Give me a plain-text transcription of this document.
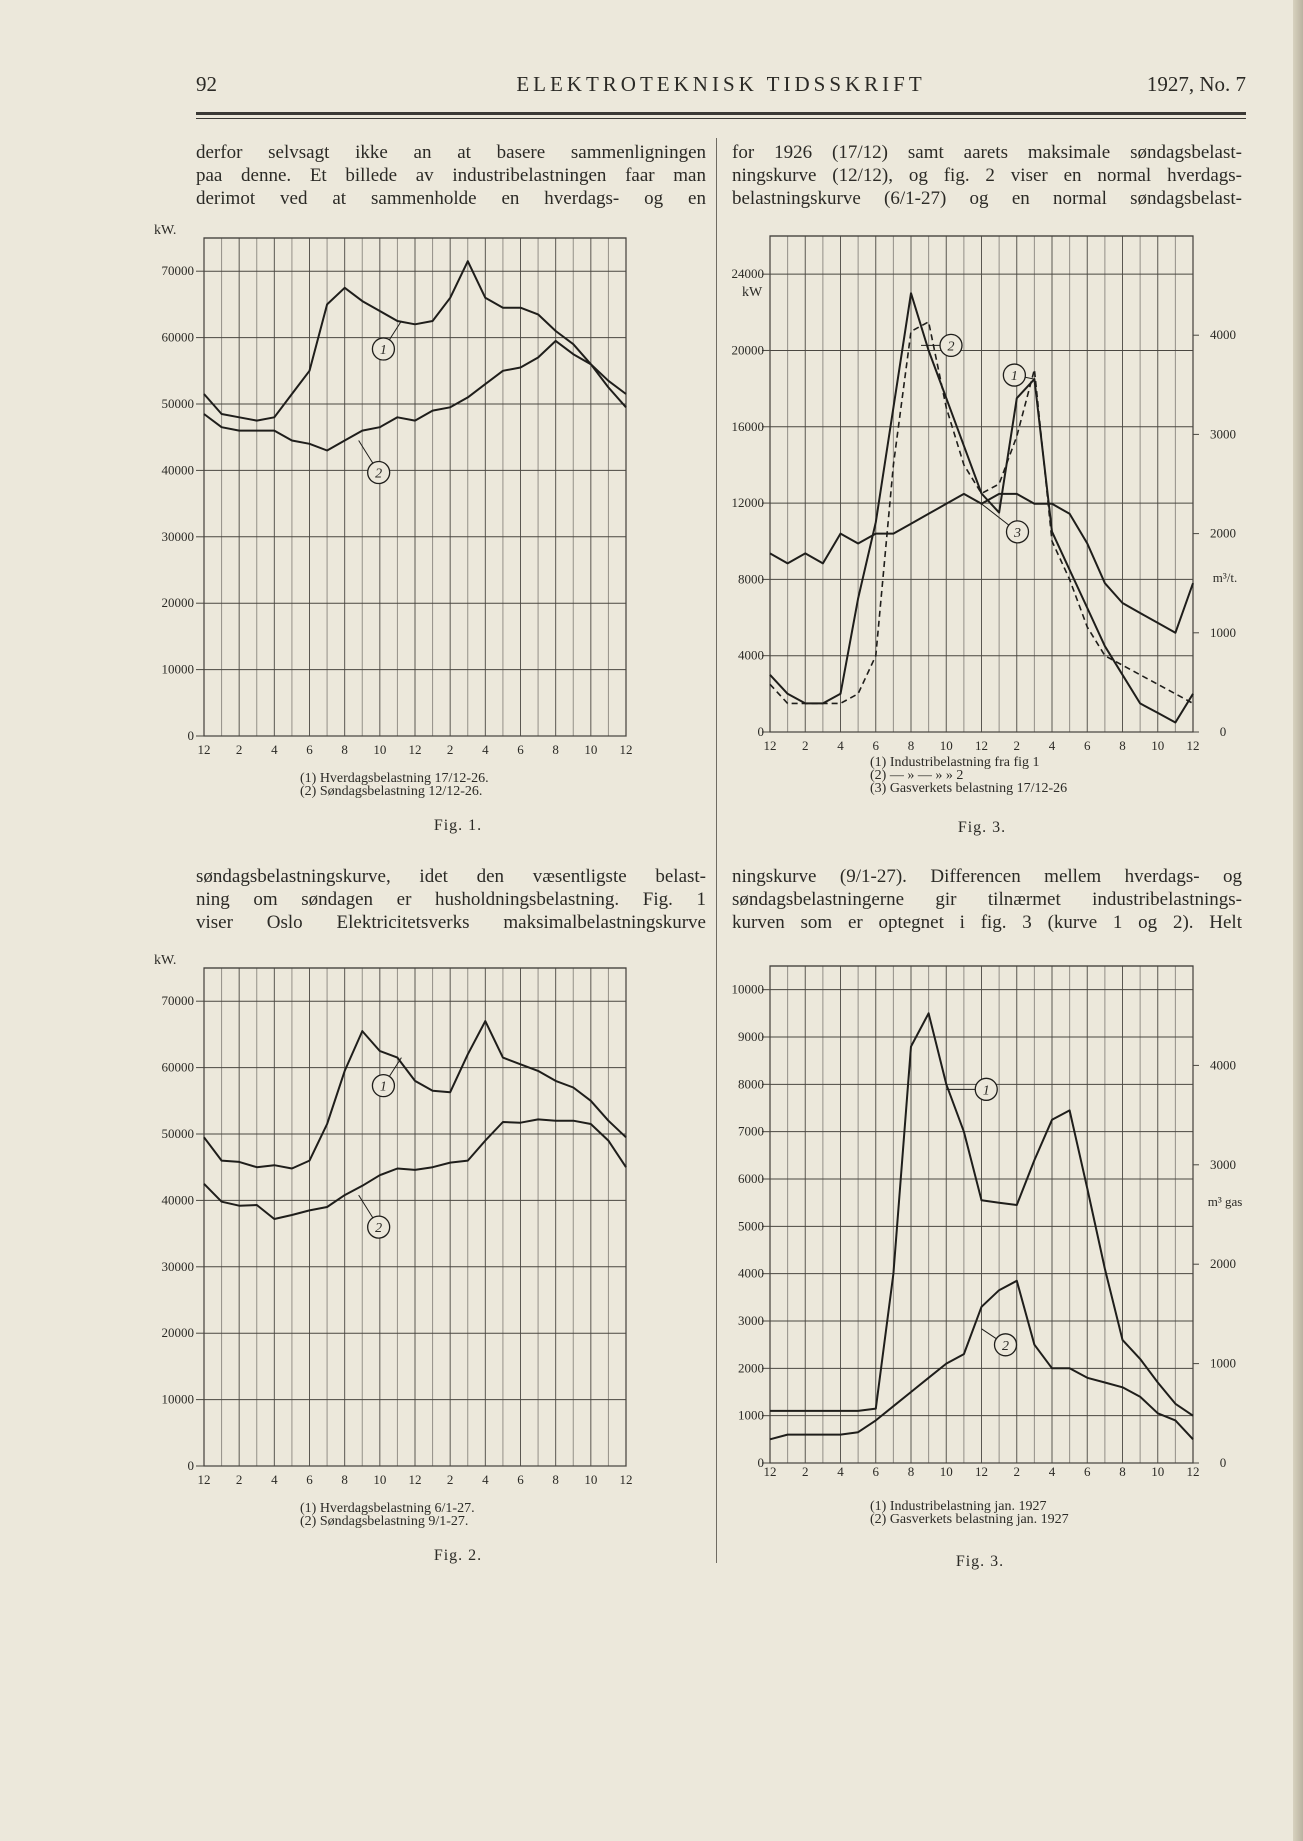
92	ELEKTROTEKNISK TIDSSKRIFT	1927, No. 7
derfor selvsagt ikke an at basere sammenligningen
paa denne. Et billede av industribelastningen faar man
derimot ved at sammenholde en hverdags- og en
for 1926 (17/12) samt aarets maksimale søndagsbelast-
ningskurve (12/12), og fig. 2 viser en normal hverdags-
belastningskurve (6/1-27) og en normal søndagsbelast-
søndagsbelastningskurve, idet den væsentligste belast-
ning om søndagen er husholdningsbelastning. Fig. 1
viser Oslo Elektricitetsverks maksimalbelastningskurve
ningskurve (9/1-27). Differencen mellem hverdags- og
søndagsbelastningerne gir tilnærmet industribelastnings-
kurven som er optegnet i fig. 3 (kurve 1 og 2). Helt
12 2 4 6 8 10 12 2 4 6 8 10 12
70000
60000
50000
40000
30000
20000
10000
0
kW.
1
2
(1) Hverdagsbelastning 17/12-26.
(2) Søndagsbelastning 12/12-26.
Fig. 1.
12 2 4 6 8 10 12 2 4 6 8 10 12
24000
20000
16000
12000
8000
4000
0
kW
4000
3000
2000
1000
0
m³/t.
1
2
3
(1) Industribelastning fra fig 1
(2) — » — » » 2
(3) Gasverkets belastning 17/12-26
Fig. 3.
12 2 4 6 8 10 12 2 4 6 8 10 12
70000
60000
50000
40000
30000
20000
10000
0
kW.
1
2
(1) Hverdagsbelastning 6/1-27.
(2) Søndagsbelastning 9/1-27.
Fig. 2.
12 2 4 6 8 10 12 2 4 6 8 10 12
10000
9000
8000
7000
6000
5000
4000
3000
2000
1000
0
4000
3000
2000
1000
0
m³ gas
1
2
(1) Industribelastning jan. 1927
(2) Gasverkets belastning jan. 1927
Fig. 3.
